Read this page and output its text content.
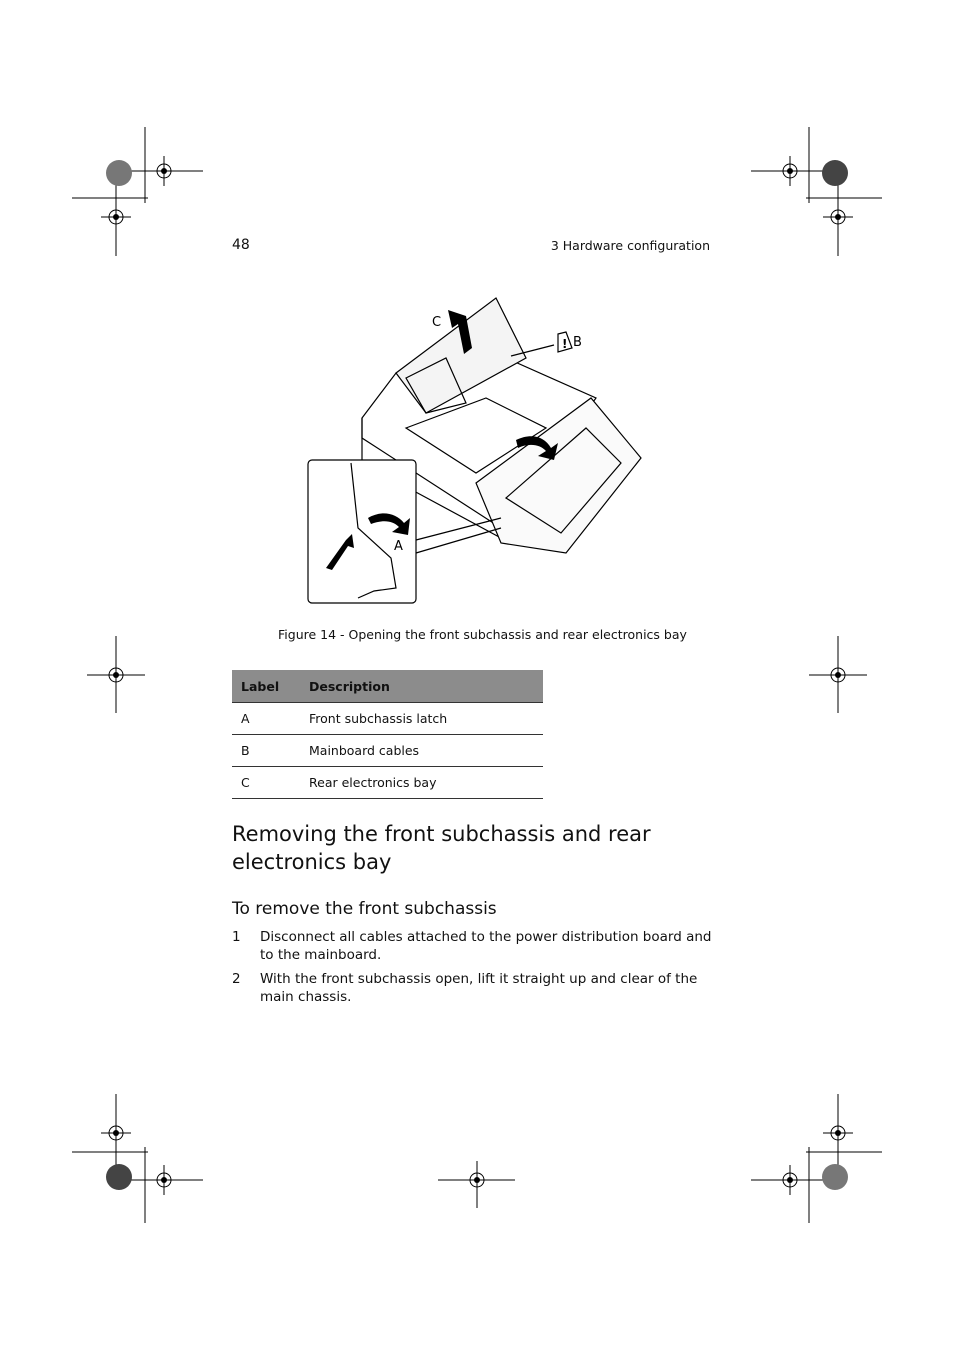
48	3 Hardware configuration
!
C
B
A
Figure 14 - Opening the front subchassis and rear electronics bay
Label	Description
A	Front subchassis latch
B	Mainboard cables
C	Rear electronics bay
Removing the front subchassis and rear electronics bay
To remove the front subchassis
1	Disconnect all cables attached to the power distribution board and to the mainboard.
2	With the front subchassis open, lift it straight up and clear of the main chassis.
